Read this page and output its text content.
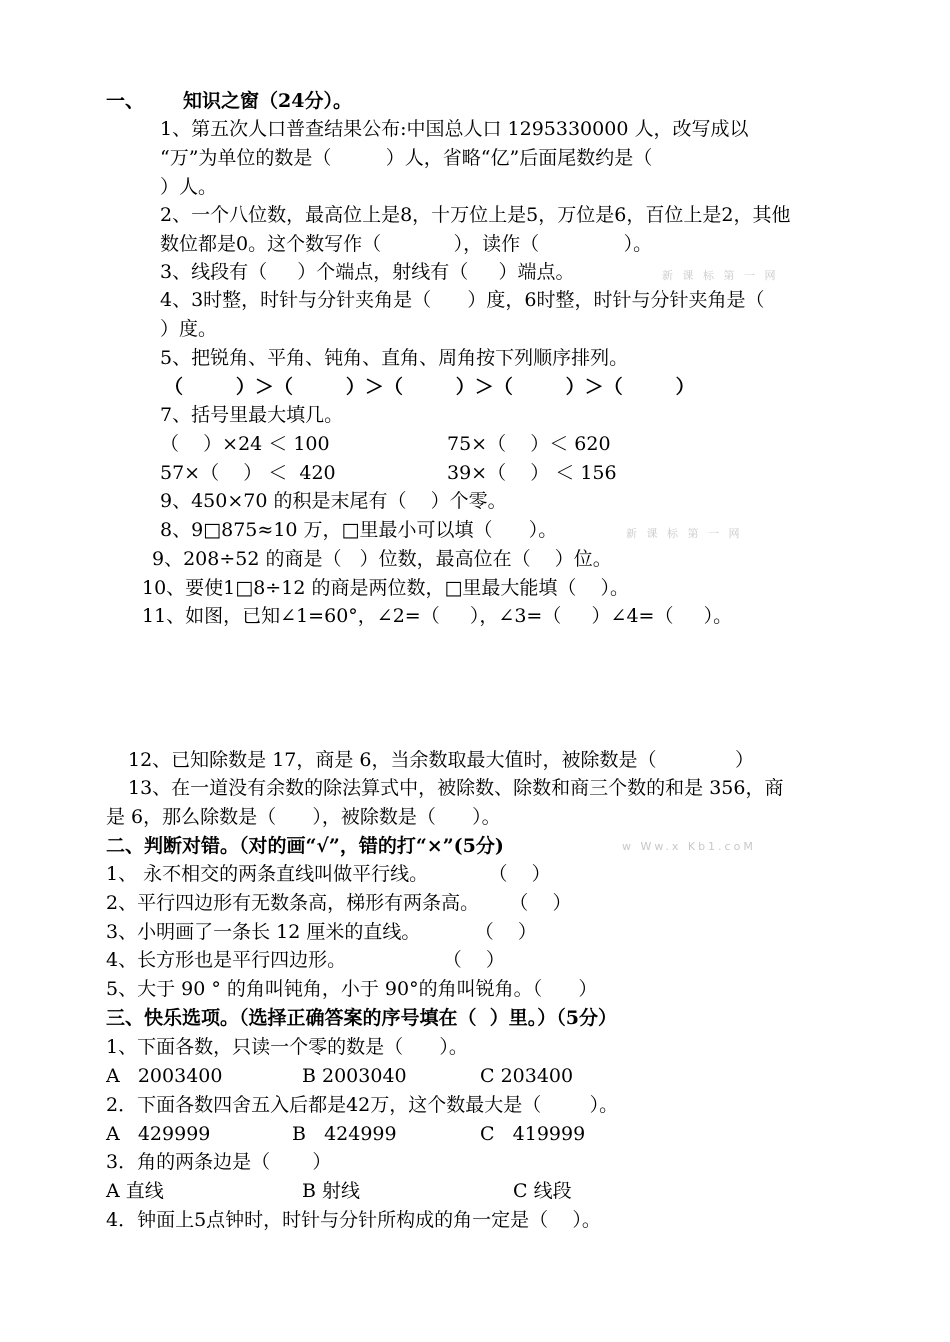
一、 知识之窗（24分）。
1、第五次人口普查结果公布:中国总人口 1295330000 人，改写成以
“万”为单位的数是（         ）人，省略“亿”后面尾数约是（
）人。
2、一个八位数，最高位上是8，十万位上是5，万位是6，百位上是2，其他
数位都是0。这个数写作（            ），读作（              ）。
3、线段有（     ）个端点，射线有（     ）端点。	新 课 标 第 一 网
4、3时整，时针与分针夹角是（      ）度，6时整，时针与分针夹角是（
）度。
5、把锐角、平角、钝角、直角、周角按下列顺序排列。
（        ）＞（        ）＞（        ）＞（        ）＞（        ）
7、括号里最大填几。
（    ）×24 ＜ 100	75×（    ）＜ 620
57×（    ） ＜  420	39×（    ） ＜ 156
9、450×70 的积是末尾有（    ）个零。
8、9□875≈10 万，□里最小可以填（      ）。	新 课 标 第 一 网
9、208÷52 的商是（   ）位数，最高位在（    ）位。
10、要使1□8÷12 的商是两位数，□里最大能填（    ）。
11、如图，已知∠1=60°，∠2=（     ），∠3=（     ）∠4=（     ）。
12、已知除数是 17，商是 6，当余数取最大值时，被除数是（             ）
13、在一道没有余数的除法算式中，被除数、除数和商三个数的和是 356，商
是 6，那么除数是（      ），被除数是（      ）。
二、判断对错。（对的画“√”，错的打“×”(5分)	w Ww.x Kb1.coM
1、 永不相交的两条直线叫做平行线。          （    ）
2、平行四边形有无数条高，梯形有两条高。     （    ）
3、小明画了一条长 12 厘米的直线。         （    ）
4、长方形也是平行四边形。                （    ）
5、大于 90 ° 的角叫钝角，小于 90°的角叫锐角。（      ）
三、快乐选项。（选择正确答案的序号填在（  ）里。）（5分）
1、下面各数，只读一个零的数是（      ）。
A   2003400	B 2003040	C 203400
2．下面各数四舍五入后都是42万，这个数最大是（        ）。
A   429999	B   424999	C   419999
3．角的两条边是（       ）
A 直线	B 射线	C 线段
4．钟面上5点钟时，时针与分针所构成的角一定是（    ）。
